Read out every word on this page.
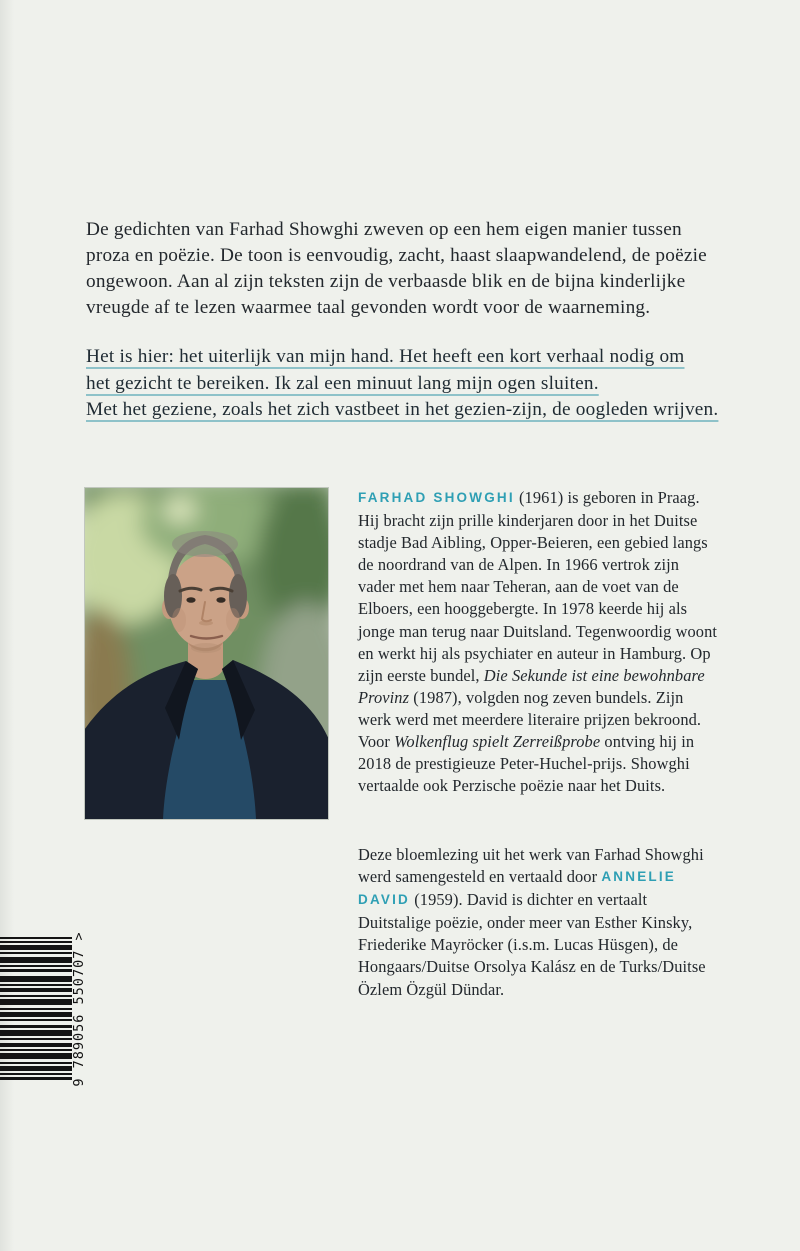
De gedichten van Farhad Showghi zweven op een hem eigen manier tussen
proza en poëzie. De toon is eenvoudig, zacht, haast slaapwandelend, de poëzie
ongewoon. Aan al zijn teksten zijn de verbaasde blik en de bijna kinderlijke
vreugde af te lezen waarmee taal gevonden wordt voor de waarneming.

Het is hier: het uiterlijk van mijn hand. Het heeft een kort verhaal nodig om
het gezicht te bereiken. Ik zal een minuut lang mijn ogen sluiten.
Met het geziene, zoals het zich vastbeet in het gezien-zijn, de oogleden wrijven.

FARHAD SHOWGHI (1961) is geboren in Praag. Hij bracht zijn prille kinderjaren door in het Duitse stadje Bad Aibling, Opper-Beieren, een gebied langs de noordrand van de Alpen. In 1966 vertrok zijn vader met hem naar Teheran, aan de voet van de Elboers, een hooggebergte. In 1978 keerde hij als jonge man terug naar Duitsland. Tegenwoordig woont en werkt hij als psychiater en auteur in Hamburg. Op zijn eerste bundel, Die Sekunde ist eine bewohnbare Provinz (1987), volgden nog zeven bundels. Zijn werk werd met meerdere literaire prijzen bekroond. Voor Wolkenflug spielt Zerreißprobe ontving hij in 2018 de prestigieuze Peter-Huchel-prijs. Showghi vertaalde ook Perzische poëzie naar het Duits.

Deze bloemlezing uit het werk van Farhad Showghi werd samengesteld en vertaald door ANNELIE DAVID (1959). David is dichter en vertaalt Duitstalige poëzie, onder meer van Esther Kinsky, Friederike Mayröcker (i.s.m. Lucas Hüsgen), de Hongaars/Duitse Orsolya Kalász en de Turks/Duitse Özlem Özgül Dündar.

9 789056 550707 >
